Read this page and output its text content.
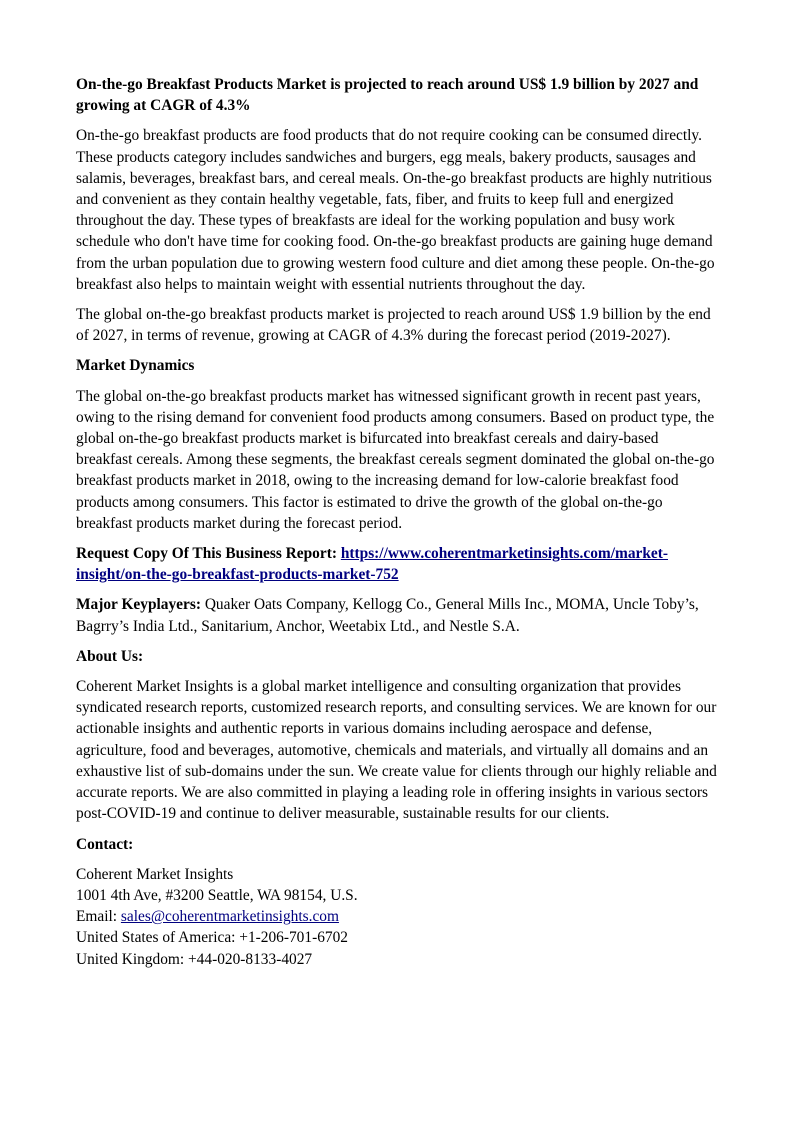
On-the-go Breakfast Products Market is projected to reach around US$ 1.9 billion by 2027 and growing at CAGR of 4.3%

On-the-go breakfast products are food products that do not require cooking can be consumed directly. These products category includes sandwiches and burgers, egg meals, bakery products, sausages and salamis, beverages, breakfast bars, and cereal meals. On-the-go breakfast products are highly nutritious and convenient as they contain healthy vegetable, fats, fiber, and fruits to keep full and energized throughout the day. These types of breakfasts are ideal for the working population and busy work schedule who don't have time for cooking food. On-the-go breakfast products are gaining huge demand from the urban population due to growing western food culture and diet among these people. On-the-go breakfast also helps to maintain weight with essential nutrients throughout the day.

The global on-the-go breakfast products market is projected to reach around US$ 1.9 billion by the end of 2027, in terms of revenue, growing at CAGR of 4.3% during the forecast period (2019-2027).

Market Dynamics

The global on-the-go breakfast products market has witnessed significant growth in recent past years, owing to the rising demand for convenient food products among consumers. Based on product type, the global on-the-go breakfast products market is bifurcated into breakfast cereals and dairy-based breakfast cereals. Among these segments, the breakfast cereals segment dominated the global on-the-go breakfast products market in 2018, owing to the increasing demand for low-calorie breakfast food products among consumers. This factor is estimated to drive the growth of the global on-the-go breakfast products market during the forecast period.

Request Copy Of This Business Report: https://www.coherentmarketinsights.com/market-insight/on-the-go-breakfast-products-market-752

Major Keyplayers: Quaker Oats Company, Kellogg Co., General Mills Inc., MOMA, Uncle Toby’s, Bagrry’s India Ltd., Sanitarium, Anchor, Weetabix Ltd., and Nestle S.A.

About Us:

Coherent Market Insights is a global market intelligence and consulting organization that provides syndicated research reports, customized research reports, and consulting services. We are known for our actionable insights and authentic reports in various domains including aerospace and defense, agriculture, food and beverages, automotive, chemicals and materials, and virtually all domains and an exhaustive list of sub-domains under the sun. We create value for clients through our highly reliable and accurate reports. We are also committed in playing a leading role in offering insights in various sectors post-COVID-19 and continue to deliver measurable, sustainable results for our clients.

Contact:

Coherent Market Insights
1001 4th Ave, #3200 Seattle, WA 98154, U.S.
Email: sales@coherentmarketinsights.com
United States of America: +1-206-701-6702
United Kingdom: +44-020-8133-4027
